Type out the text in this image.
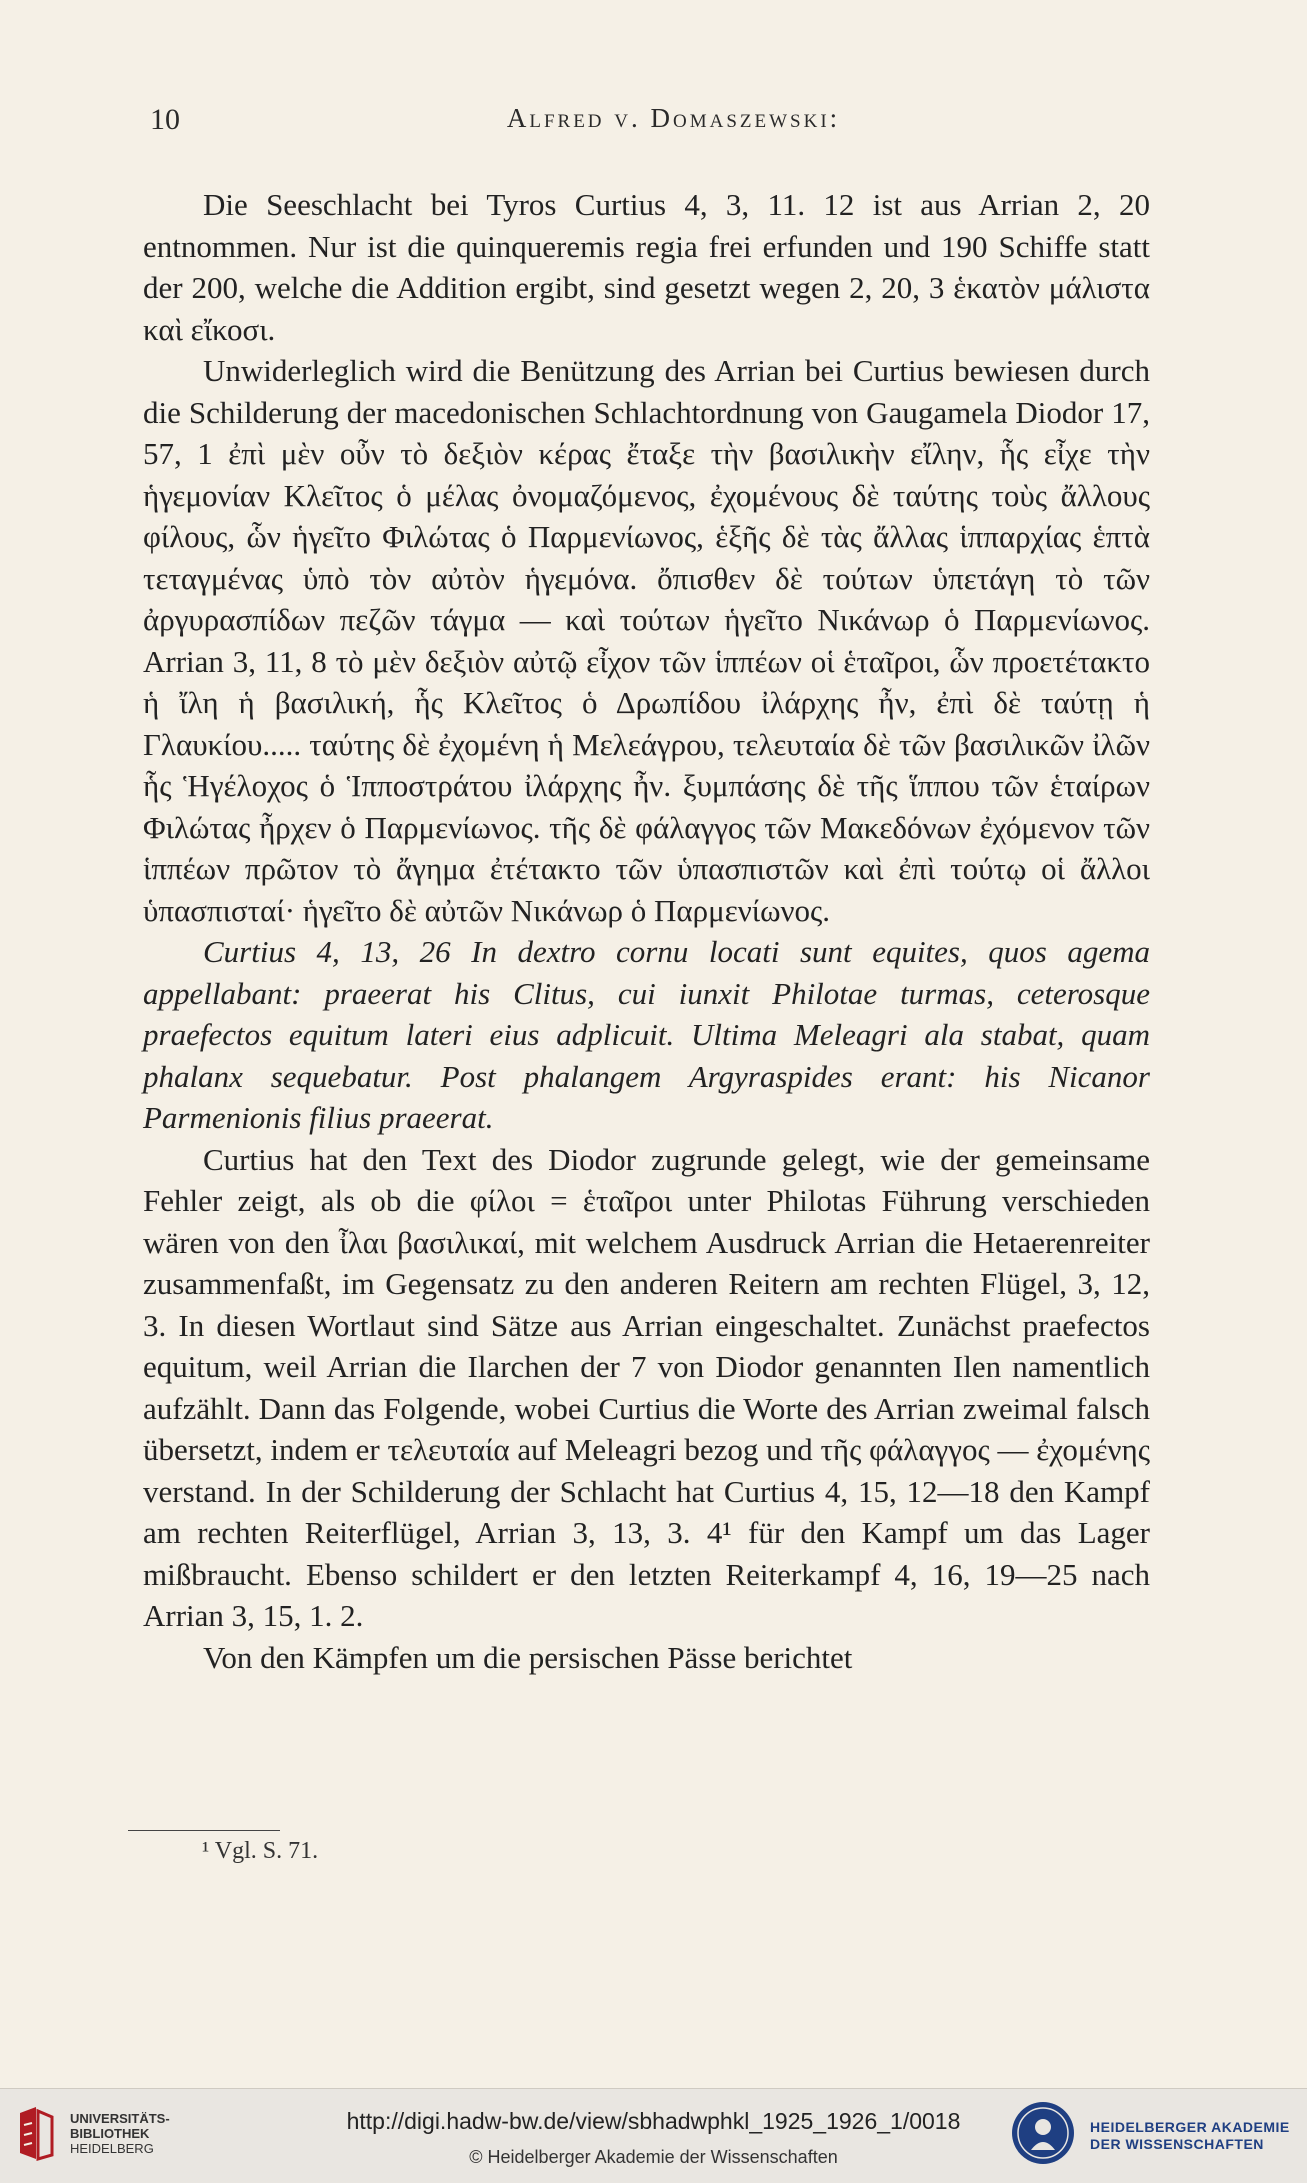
10	Alfred v. Domaszewski:

Die Seeschlacht bei Tyros Curtius 4, 3, 11. 12 ist aus Arrian 2, 20 entnommen. Nur ist die quinqueremis regia frei erfunden und 190 Schiffe statt der 200, welche die Addition ergibt, sind gesetzt wegen 2, 20, 3 ἑκατὸν μάλιστα καὶ εἴκοσι.

Unwiderleglich wird die Benützung des Arrian bei Curtius bewiesen durch die Schilderung der macedonischen Schlachtordnung von Gaugamela Diodor 17, 57, 1 ἐπὶ μὲν οὖν τὸ δεξιὸν κέρας ἔταξε τὴν βασιλικὴν εἴλην, ἧς εἶχε τὴν ἡγεμονίαν Κλεῖτος ὁ μέλας ὀνομαζόμενος, ἐχομένους δὲ ταύτης τοὺς ἄλλους φίλους, ὧν ἡγεῖτο Φιλώτας ὁ Παρμενίωνος, ἑξῆς δὲ τὰς ἄλλας ἱππαρχίας ἑπτὰ τεταγμένας ὑπὸ τὸν αὐτὸν ἡγεμόνα. ὄπισθεν δὲ τούτων ὑπετάγη τὸ τῶν ἀργυρασπίδων πεζῶν τάγμα — καὶ τούτων ἡγεῖτο Νικάνωρ ὁ Παρμενίωνος. Arrian 3, 11, 8 τὸ μὲν δεξιὸν αὐτῷ εἶχον τῶν ἱππέων οἱ ἑταῖροι, ὧν προετέτακτο ἡ ἴλη ἡ βασιλική, ἧς Κλεῖτος ὁ Δρωπίδου ἰλάρχης ἦν, ἐπὶ δὲ ταύτῃ ἡ Γλαυκίου..... ταύτης δὲ ἐχομένη ἡ Μελεάγρου, τελευταία δὲ τῶν βασιλικῶν ἰλῶν ἧς Ἡγέλοχος ὁ Ἱπποστράτου ἰλάρχης ἦν. ξυμπάσης δὲ τῆς ἵππου τῶν ἑταίρων Φιλώτας ἦρχεν ὁ Παρμενίωνος. τῆς δὲ φάλαγγος τῶν Μακεδόνων ἐχόμενον τῶν ἱππέων πρῶτον τὸ ἄγημα ἐτέτακτο τῶν ὑπασπιστῶν καὶ ἐπὶ τούτῳ οἱ ἄλλοι ὑπασπισταί· ἡγεῖτο δὲ αὐτῶν Νικάνωρ ὁ Παρμενίωνος.

Curtius 4, 13, 26 In dextro cornu locati sunt equites, quos agema appellabant: praeerat his Clitus, cui iunxit Philotae turmas, ceterosque praefectos equitum lateri eius adplicuit. Ultima Meleagri ala stabat, quam phalanx sequebatur. Post phalangem Argyraspides erant: his Nicanor Parmenionis filius praeerat.

Curtius hat den Text des Diodor zugrunde gelegt, wie der gemeinsame Fehler zeigt, als ob die φίλοι = ἑταῖροι unter Philotas Führung verschieden wären von den ἶλαι βασιλικαί, mit welchem Ausdruck Arrian die Hetaerenreiter zusammenfaßt, im Gegensatz zu den anderen Reitern am rechten Flügel, 3, 12, 3. In diesen Wortlaut sind Sätze aus Arrian eingeschaltet. Zunächst praefectos equitum, weil Arrian die Ilarchen der 7 von Diodor genannten Ilen namentlich aufzählt. Dann das Folgende, wobei Curtius die Worte des Arrian zweimal falsch übersetzt, indem er τελευταία auf Meleagri bezog und τῆς φάλαγγος — ἐχομένης verstand. In der Schilderung der Schlacht hat Curtius 4, 15, 12—18 den Kampf am rechten Reiterflügel, Arrian 3, 13, 3. 4¹ für den Kampf um das Lager mißbraucht. Ebenso schildert er den letzten Reiterkampf 4, 16, 19—25 nach Arrian 3, 15, 1. 2.

Von den Kämpfen um die persischen Pässe berichtet

¹ Vgl. S. 71.
UNIVERSITÄTS-
BIBLIOTHEK
HEIDELBERG
http://digi.hadw-bw.de/view/sbhadwphkl_1925_1926_1/0018
© Heidelberger Akademie der Wissenschaften
HEIDELBERGER AKADEMIE
DER WISSENSCHAFTEN
